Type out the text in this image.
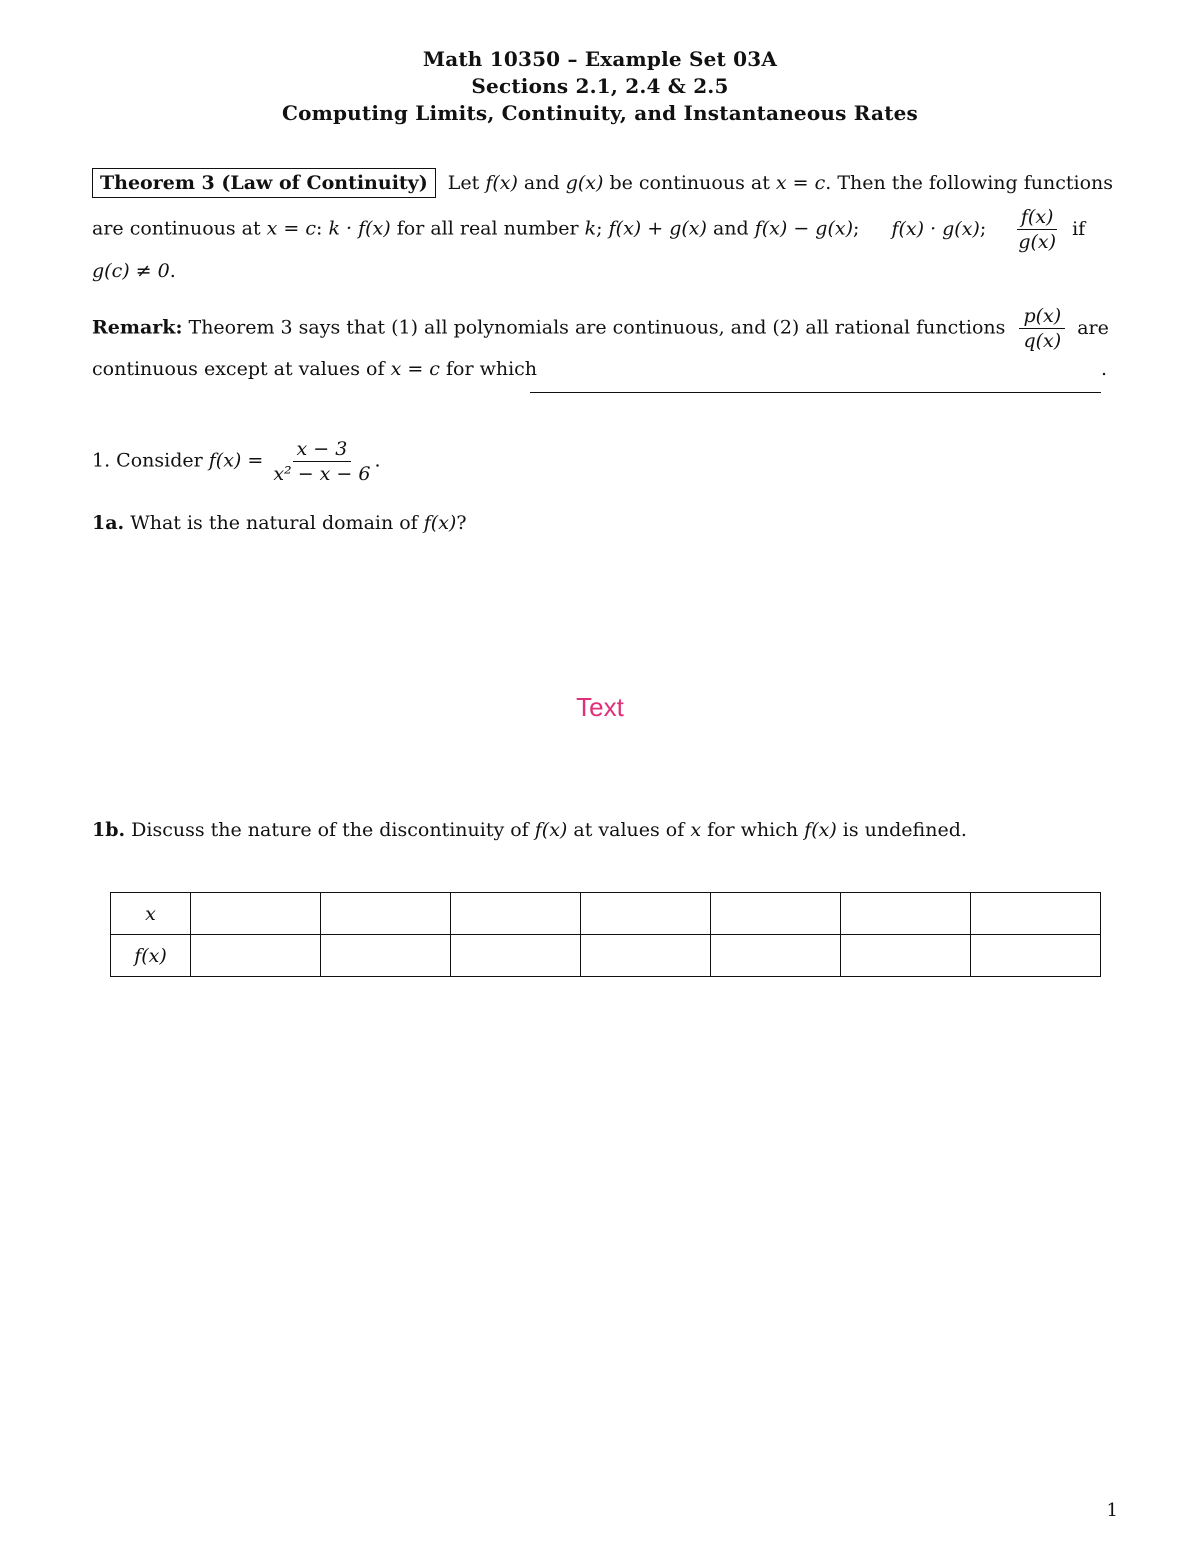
Math 10350 – Example Set 03A
Sections 2.1, 2.4 & 2.5
Computing Limits, Continuity, and Instantaneous Rates
Theorem 3 (Law of Continuity) Let f(x) and g(x) be continuous at x = c. Then the following functions
are continuous at x = c: k · f(x) for all real number k; f(x) + g(x) and f(x) − g(x); f(x) · g(x); $\frac{f(x)}{g(x)}$ if
g(c) ≠ 0.
Remark: Theorem 3 says that (1) all polynomials are continuous, and (2) all rational functions $\frac{p(x)}{q(x)}$ are
continuous except at values of x = c for which	.
1. Consider $f(x) = \frac{x - 3}{\text{x² − x − 6}}$ .
1a. What is the natural domain of f(x)?
Text
1b. Discuss the nature of the discontinuity of f(x) at values of x for which f(x) is undefined.
x							
f(x)							
1
